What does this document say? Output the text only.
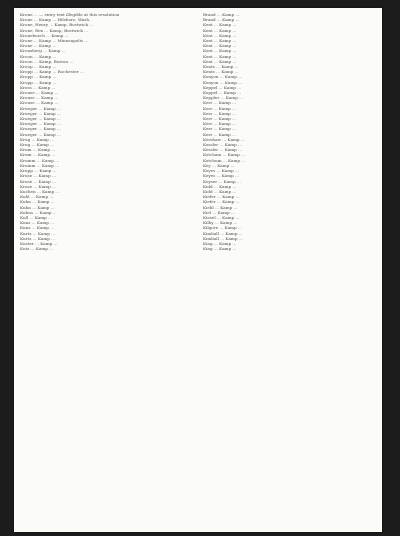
Krone ... — entry text illegible at this resolution

Krone ... Kamp ... Hilsboro, Wash.

Krone, Henry ... Kamp, Bostwick ...

Krone, Rex ... Kamp, Bostwick ...

Kronebusch ... Kamp ...

Krone ... Kamp ... Minneapolis ...

Krone ... Kamp ...

Kronsberg ... Kamp ...

Kroon ... Kamp ...

Kroon ... Kamp, Boston ...

Kroop ... Kamp ...

Kropp ... Kamp ... Rochester ...

Kropp ... Kamp ...

Kropp ... Kamp ...

Kross ... Kamp ...

Krouse ... Kamp ...

Krouse ... Kamp ...

Krouse ... Kamp ...

Krueger ... Kamp ...

Krueger ... Kamp ...

Krueger ... Kamp ...

Krueger ... Kamp ...

Krueger ... Kamp ...

Krueger ... Kamp ...

Krug ... Kamp ...

Krug ... Kamp ...

Krum ... Kamp ...

Krum ... Kamp ...

Krumm ... Kamp ...

Krumm ... Kamp ...

Krupp ... Kamp ...

Kruse ... Kamp ...

Kruse ... Kamp ...

Kruse ... Kamp ...

Kuchen ... Kamp ...

Kuhl ... Kamp ...

Kuhn ... Kamp ...

Kuhn ... Kamp ...

Kuhns ... Kamp ...

Kull ... Kamp ...

Kunz ... Kamp ...

Kunz ... Kamp ...

Kurtz ... Kamp ...

Kurtz ... Kamp ...

Kuster ... Kamp ...

Kutz ... Kamp ...

Brand ... Kamp ...

Brand ... Kamp ...

Kent ... Kamp ...

Kent ... Kamp ...

Kent ... Kamp ...

Kent ... Kamp ...

Kent ... Kamp ...

Kent ... Kamp ...

Kent ... Kamp ...

Kent ... Kamp ...

Kentz ... Kamp ...

Kentz ... Kamp ...

Kenyon ... Kamp ...

Kenyon ... Kamp ...

Keppel ... Kamp ...

Keppel ... Kamp ...

Keppler ... Kamp ...

Kerr ... Kamp ...

Kerr ... Kamp ...

Kerr ... Kamp ...

Kerr ... Kamp ...

Kerr ... Kamp ...

Kerr ... Kamp ...

Kerr ... Kamp ...

Kershaw ... Kamp ...

Kessler ... Kamp ...

Kessler ... Kamp ...

Ketcham ... Kamp ...

Ketchum ... Kamp ...

Key ... Kamp ...

Keyes ... Kamp ...

Keyes ... Kamp ...

Keyser ... Kamp ...

Kidd ... Kamp ...

Kidd ... Kamp ...

Kiefer ... Kamp ...

Kiefer ... Kamp ...

Kiehl ... Kamp ...

Kiel ... Kamp ...

Kiesel ... Kamp ...

Kilby ... Kamp ...

Kilgore ... Kamp ...

Kimball ... Kamp ...

Kimball ... Kamp ...

King ... Kamp ...

King ... Kamp ...
